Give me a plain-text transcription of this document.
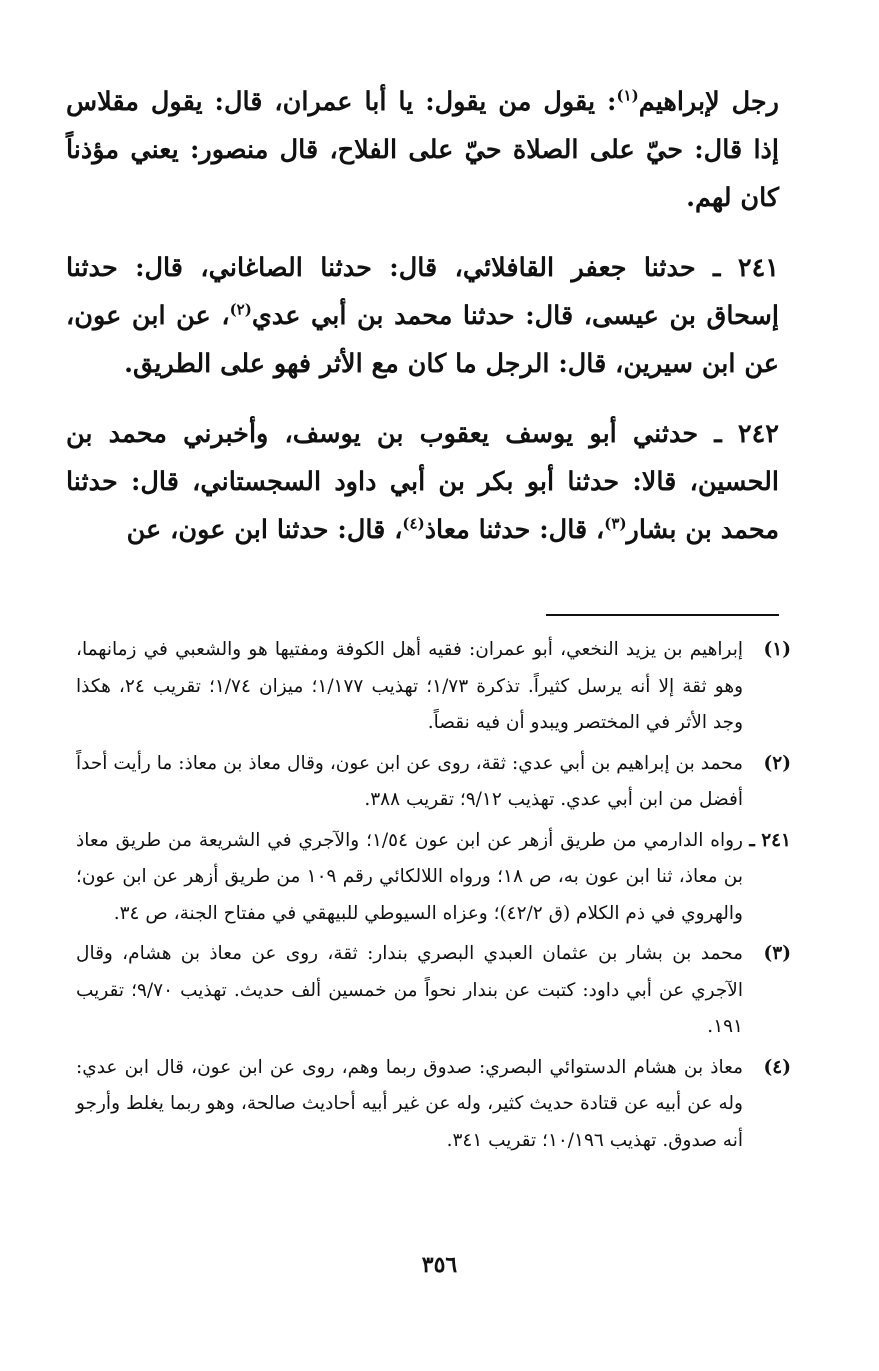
رجل لإبراهيم$^{(١)}$: يقول من يقول: يا أبا عمران، قال: يقول مقلاس إذا قال: حيّ على الصلاة حيّ على الفلاح، قال منصور: يعني مؤذناً كان لهم.

٢٤١ ـ حدثنا جعفر القافلائي، قال: حدثنا الصاغاني، قال: حدثنا إسحاق بن عيسى، قال: حدثنا محمد بن أبي عدي$^{(٢)}$، عن ابن عون، عن ابن سيرين، قال: الرجل ما كان مع الأثر فهو على الطريق.

٢٤٢ ـ حدثني أبو يوسف يعقوب بن يوسف، وأخبرني محمد بن الحسين، قالا: حدثنا أبو بكر بن أبي داود السجستاني، قال: حدثنا محمد بن بشار$^{(٣)}$، قال: حدثنا معاذ$^{(٤)}$، قال: حدثنا ابن عون، عن

(١)
إبراهيم بن يزيد النخعي، أبو عمران: فقيه أهل الكوفة ومفتيها هو والشعبي في زمانهما، وهو ثقة إلا أنه يرسل كثيراً. تذكرة ١/٧٣؛ تهذيب ١/١٧٧؛ ميزان ١/٧٤؛ تقريب ٢٤، هكذا وجد الأثر في المختصر ويبدو أن فيه نقصاً.
(٢)
محمد بن إبراهيم بن أبي عدي: ثقة، روى عن ابن عون، وقال معاذ بن معاذ: ما رأيت أحداً أفضل من ابن أبي عدي. تهذيب ٩/١٢؛ تقريب ٣٨٨.
٢٤١ ـ
رواه الدارمي من طريق أزهر عن ابن عون ١/٥٤؛ والآجري في الشريعة من طريق معاذ بن معاذ، ثنا ابن عون به، ص ١٨؛ ورواه اللالكائي رقم ١٠٩ من طريق أزهر عن ابن عون؛ والهروي في ذم الكلام (ق ٤٢/٢)؛ وعزاه السيوطي للبيهقي في مفتاح الجنة، ص ٣٤.
(٣)
محمد بن بشار بن عثمان العبدي البصري بندار: ثقة، روى عن معاذ بن هشام، وقال الآجري عن أبي داود: كتبت عن بندار نحواً من خمسين ألف حديث. تهذيب ٩/٧٠؛ تقريب ١٩١.
(٤)
معاذ بن هشام الدستوائي البصري: صدوق ربما وهم، روى عن ابن عون، قال ابن عدي: وله عن أبيه عن قتادة حديث كثير، وله عن غير أبيه أحاديث صالحة، وهو ربما يغلط وأرجو أنه صدوق. تهذيب ١٠/١٩٦؛ تقريب ٣٤١.
٣٥٦
